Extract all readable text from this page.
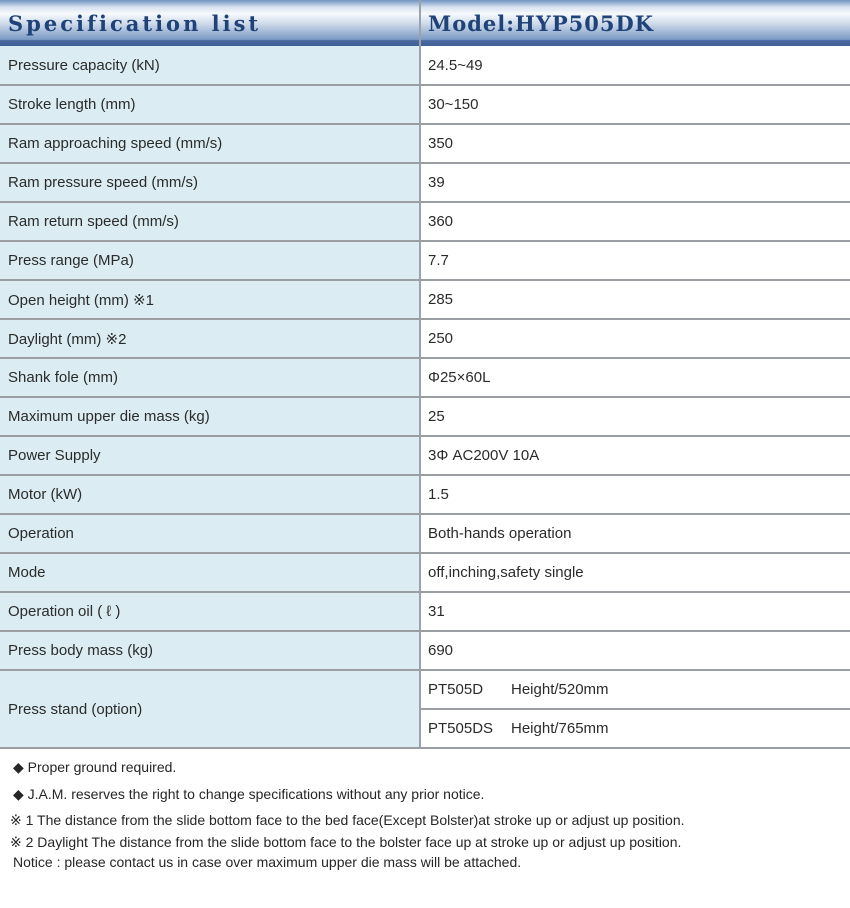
Specification list	Model:HYP505DK
Pressure capacity (kN)	24.5~49
Stroke length (mm)	30~150
Ram approaching speed (mm/s)	350
Ram pressure speed (mm/s)	39
Ram return speed (mm/s)	360
Press range (MPa)	7.7
Open height (mm) ※1	285
Daylight (mm) ※2	250
Shank fole (mm)	Φ25×60L
Maximum upper die mass (kg)	25
Power Supply	3Φ AC200V 10A
Motor (kW)	1.5
Operation	Both-hands operation
Mode	off,inching,safety single
Operation oil ( ℓ )	31
Press body mass (kg)	690
Press stand (option)	PT505D Height/520mm
	PT505DS Height/765mm

◆ Proper ground required.

◆ J.A.M. reserves the right to change specifications without any prior notice.

※ 1 The distance from the slide bottom face to the bed face(Except Bolster)at stroke up or adjust up position.

※ 2 Daylight The distance from the slide bottom face to the bolster face up at stroke up or adjust up position.

Notice : please contact us in case over maximum upper die mass will be attached.
